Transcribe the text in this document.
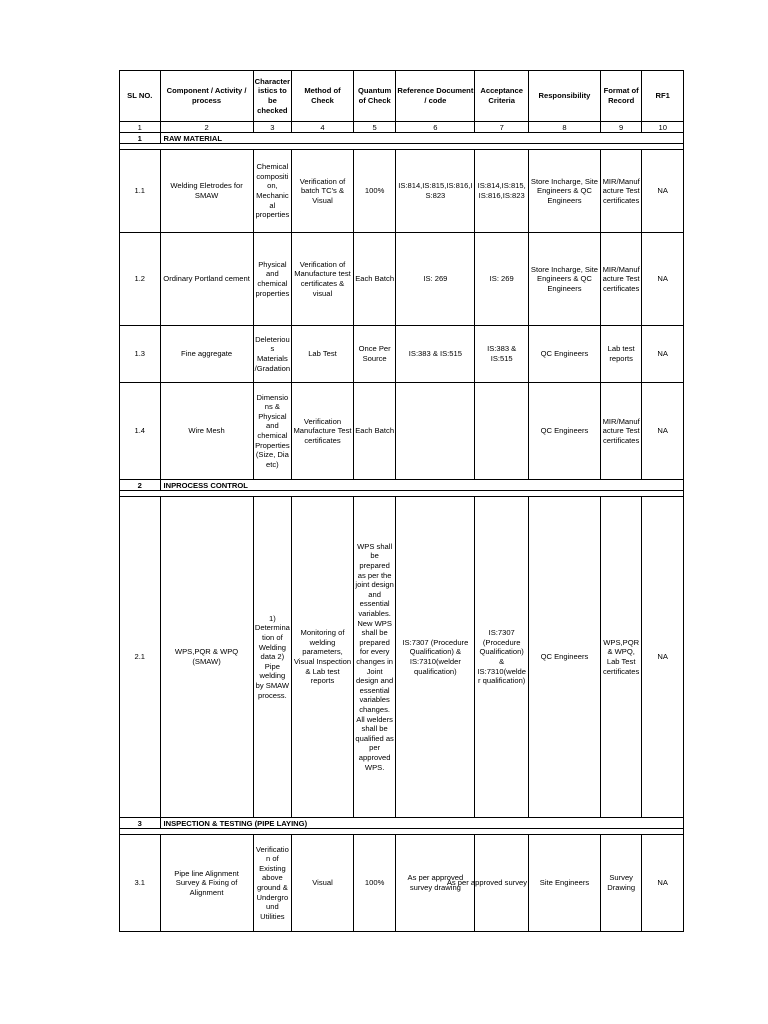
SL NO.	Component / Activity / process	Characteristics to be checked	Method of Check	Quantum of Check	Reference Document / code	Acceptance Criteria	Responsibility	Format of Record	RF1
1	2	3	4	5	6	7	8	9	10
1	RAW MATERIAL								

1.1	Welding Eletrodes for SMAW	Chemical composition, Mechanical properties	Verification of batch TC's & Visual	100%	IS:814,IS:815,IS:816,IS:823	IS:814,IS:815, IS:816,IS:823	Store Incharge, Site Engineers & QC Engineers	MIR/Manufacture Test certificates	NA
1.2	Ordinary Portland cement	Physical and chemical properties	Verification of Manufacture test certificates & visual	Each Batch	IS: 269	IS: 269	Store Incharge, Site Engineers & QC Engineers	MIR/Manufacture Test certificates	NA
1.3	Fine aggregate	Deleterious Materials /Gradation	Lab Test	Once Per Source	IS:383 & IS:515	IS:383 & IS:515	QC Engineers	Lab test reports	NA
1.4	Wire Mesh	Dimensions & Physical and chemical Properties(Size, Dia etc)	Verification Manufacture Test certificates	Each Batch			QC Engineers	MIR/Manufacture Test certificates	NA
2	INPROCESS CONTROL								

2.1	WPS,PQR & WPQ (SMAW)	1) Determination of Welding data 2) Pipe welding by SMAW process.	Monitoring of welding parameters, Visual Inspection & Lab test reports	WPS shall be prepared as per the joint design and essential variables. New WPS shall be prepared for every changes in Joint design and essential variables changes. All welders shall be qualified as per approved WPS.	IS:7307 (Procedure Qualification) & IS:7310(welder qualification)	IS:7307 (Procedure Qualification) & IS:7310(welder qualification)	QC Engineers	WPS,PQR & WPQ, Lab Test certificates	NA
3	INSPECTION & TESTING (PIPE LAYING)								

3.1	Pipe line Alignment Survey & Fixing of Alignment	Verification of Existing above ground & Underground Utilities	Visual	100%	As per approved survey drawing	As per approved survey	Site Engineers	Survey Drawing	NA
